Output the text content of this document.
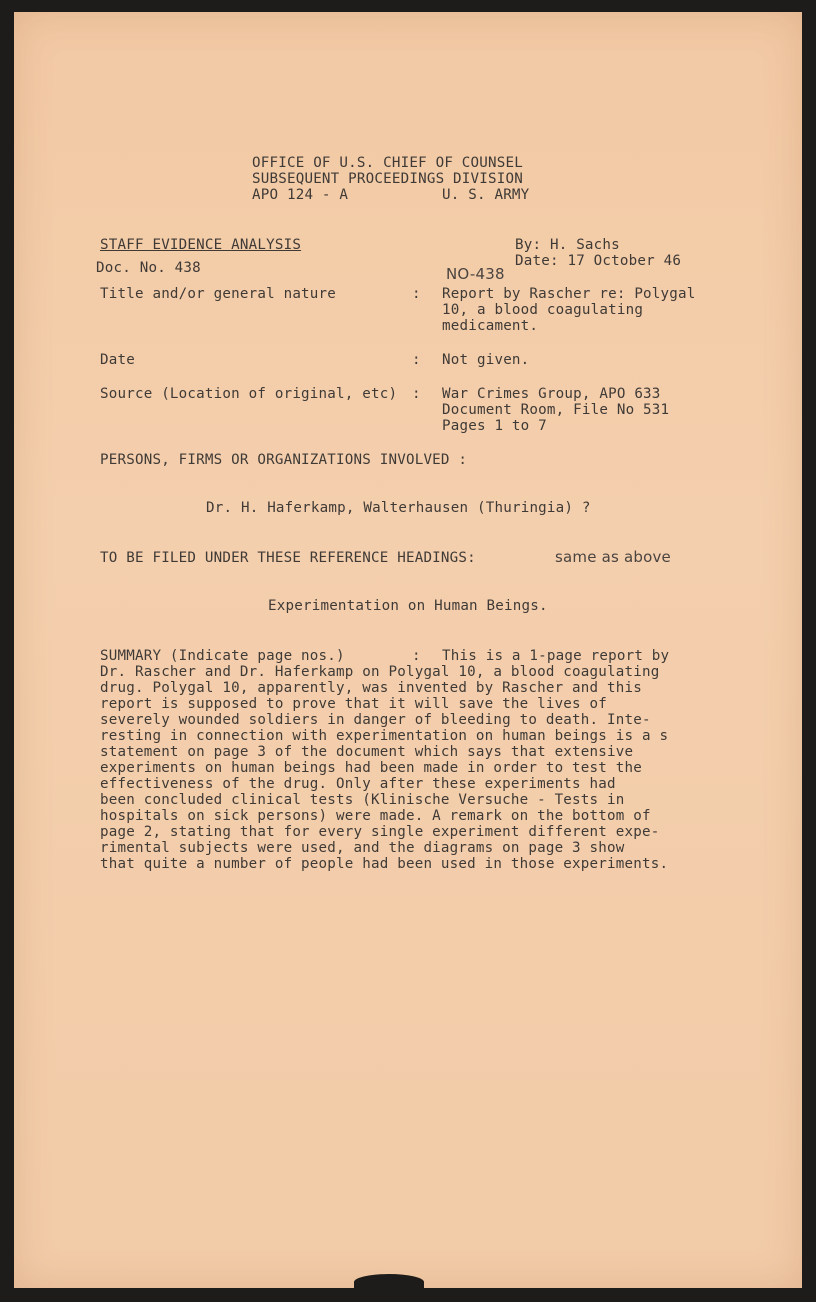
OFFICE OF U.S. CHIEF OF COUNSEL
SUBSEQUENT PROCEEDINGS DIVISION
APO 124 - A	U. S. ARMY
STAFF EVIDENCE ANALYSIS
Doc. No. 438
By: H. Sachs
Date: 17 October 46
NO-438
Title and/or general nature	: Report by Rascher re: Polygal
10, a blood coagulating
medicament.
Date	: Not given.
Source (Location of original, etc) : War Crimes Group, APO 633
Document Room, File No 531
Pages 1 to 7
PERSONS, FIRMS OR ORGANIZATIONS INVOLVED :
Dr. H. Haferkamp, Walterhausen (Thuringia) ?
TO BE FILED UNDER THESE REFERENCE HEADINGS:	same as above
Experimentation on Human Beings.
SUMMARY (Indicate page nos.)	: This is a 1-page report by
Dr. Rascher and Dr. Haferkamp on Polygal 10, a blood coagulating
drug. Polygal 10, apparently, was invented by Rascher and this
report is supposed to prove that it will save the lives of
severely wounded soldiers in danger of bleeding to death. Inte-
resting in connection with experimentation on human beings is a s
statement on page 3 of the document which says that extensive
experiments on human beings had been made in order to test the
effectiveness of the drug. Only after these experiments had
been concluded clinical tests (Klinische Versuche - Tests in
hospitals on sick persons) were made. A remark on the bottom of
page 2, stating that for every single experiment different expe-
rimental subjects were used, and the diagrams on page 3 show
that quite a number of people had been used in those experiments.
